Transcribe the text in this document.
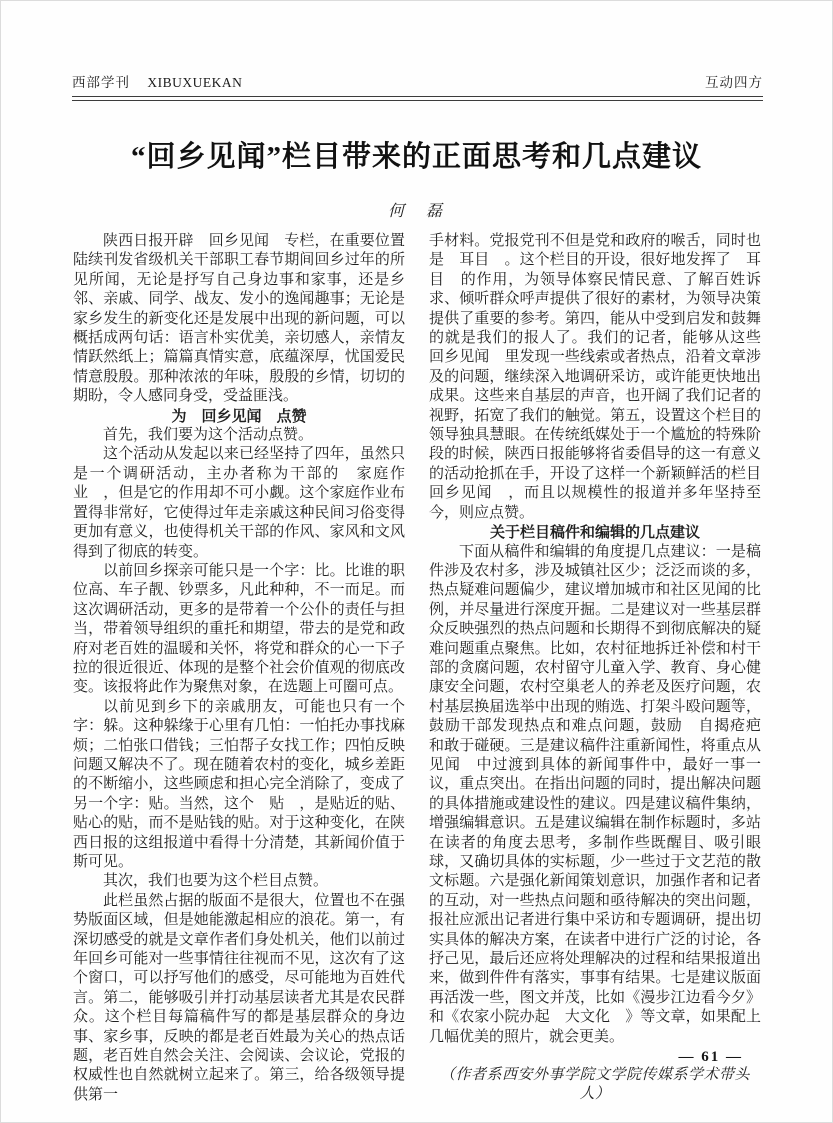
西部学刊 XIBUXUEKAN	互动四方
“回乡见闻”栏目带来的正面思考和几点建议
何　磊
陕西日报开辟　回乡见闻　专栏，在重要位置陆续刊发省级机关干部职工春节期间回乡过年的所见所闻，无论是抒写自己身边事和家事，还是乡邻、亲戚、同学、战友、发小的逸闻趣事；无论是家乡发生的新变化还是发展中出现的新问题，可以概括成两句话：语言朴实优美，亲切感人，亲情友情跃然纸上；篇篇真情实意，底蕴深厚，忧国爱民情意殷殷。那种浓浓的年味，殷殷的乡情，切切的期盼，令人感同身受，受益匪浅。
为　回乡见闻　点赞
首先，我们要为这个活动点赞。
这个活动从发起以来已经坚持了四年，虽然只是一个调研活动，主办者称为干部的　家庭作业　，但是它的作用却不可小觑。这个家庭作业布置得非常好，它使得过年走亲戚这种民间习俗变得更加有意义，也使得机关干部的作风、家风和文风得到了彻底的转变。
以前回乡探亲可能只是一个字：比。比谁的职位高、车子靓、钞票多，凡此种种，不一而足。而这次调研活动，更多的是带着一个公仆的责任与担当，带着领导组织的重托和期望，带去的是党和政府对老百姓的温暖和关怀，将党和群众的心一下子拉的很近很近、体现的是整个社会价值观的彻底改变。该报将此作为聚焦对象，在选题上可圈可点。
以前见到乡下的亲戚朋友，可能也只有一个字：躲。这种躲缘于心里有几怕：一怕托办事找麻烦；二怕张口借钱；三怕帮子女找工作；四怕反映问题又解决不了。现在随着农村的变化，城乡差距的不断缩小，这些顾虑和担心完全消除了，变成了另一个字：贴。当然，这个　贴　，是贴近的贴、贴心的贴，而不是贴钱的贴。对于这种变化，在陕西日报的这组报道中看得十分清楚，其新闻价值于斯可见。
其次，我们也要为这个栏目点赞。
此栏虽然占据的版面不是很大，位置也不在强势版面区域，但是她能激起相应的浪花。第一，有深切感受的就是文章作者们身处机关，他们以前过年回乡可能对一些事情往往视而不见，这次有了这个窗口，可以抒写他们的感受，尽可能地为百姓代言。第二，能够吸引并打动基层读者尤其是农民群众。这个栏目每篇稿件写的都是基层群众的身边事、家乡事，反映的都是老百姓最为关心的热点话题，老百姓自然会关注、会阅读、会议论，党报的权威性也自然就树立起来了。第三，给各级领导提供第一
手材料。党报党刊不但是党和政府的喉舌，同时也是　耳目　。这个栏目的开设，很好地发挥了　耳目　的作用，为领导体察民情民意、了解百姓诉求、倾听群众呼声提供了很好的素材，为领导决策提供了重要的参考。第四，能从中受到启发和鼓舞的就是我们的报人了。我们的记者，能够从这些　回乡见闻　里发现一些线索或者热点，沿着文章涉及的问题，继续深入地调研采访，或许能更快地出成果。这些来自基层的声音，也开阔了我们记者的视野，拓宽了我们的触觉。第五，设置这个栏目的领导独具慧眼。在传统纸媒处于一个尴尬的特殊阶段的时候，陕西日报能够将省委倡导的这一有意义的活动抢抓在手，开设了这样一个新颖鲜活的栏目　回乡见闻　，而且以规模性的报道并多年坚持至今，则应点赞。
关于栏目稿件和编辑的几点建议
下面从稿件和编辑的角度提几点建议：一是稿件涉及农村多，涉及城镇社区少；泛泛而谈的多，热点疑难问题偏少，建议增加城市和社区见闻的比例，并尽量进行深度开掘。二是建议对一些基层群众反映强烈的热点问题和长期得不到彻底解决的疑难问题重点聚焦。比如，农村征地拆迁补偿和村干部的贪腐问题，农村留守儿童入学、教育、身心健康安全问题，农村空巢老人的养老及医疗问题，农村基层换届选举中出现的贿选、打架斗殴问题等，鼓励干部发现热点和难点问题，鼓励　自揭疮疤　和敢于碰硬。三是建议稿件注重新闻性，将重点从　见闻　中过渡到具体的新闻事件中，最好一事一议，重点突出。在指出问题的同时，提出解决问题的具体措施或建设性的建议。四是建议稿件集纳，增强编辑意识。五是建议编辑在制作标题时，多站在读者的角度去思考，多制作些既醒目、吸引眼球，又确切具体的实标题，少一些过于文艺范的散文标题。六是强化新闻策划意识，加强作者和记者的互动，对一些热点问题和亟待解决的突出问题，报社应派出记者进行集中采访和专题调研，提出切实具体的解决方案，在读者中进行广泛的讨论，各抒己见，最后还应将处理解决的过程和结果报道出来，做到件件有落实，事事有结果。七是建议版面再活泼一些，图文并茂，比如《漫步江边看今夕》和《农家小院办起　大文化　》等文章，如果配上几幅优美的照片，就会更美。
（作者系西安外事学院文学院传媒系学术带头人）
— 61 —
